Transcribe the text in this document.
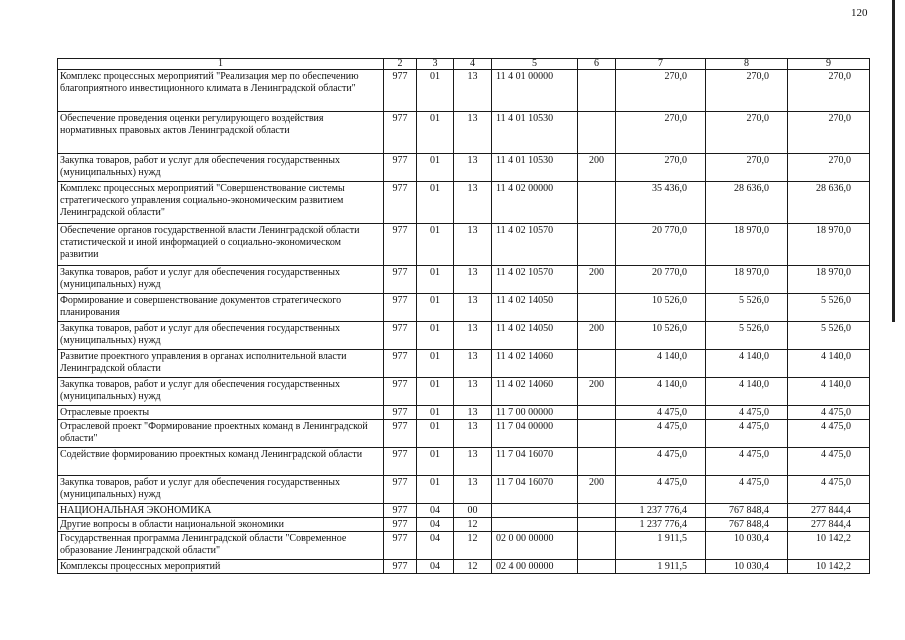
120
1	2	3	4	5	6	7	8	9
Комплекс процессных мероприятий "Реализация мер по обеспечению благоприятного инвестиционного климата в Ленинградской области"	977	01	13	11 4 01 00000		270,0	270,0	270,0
Обеспечение проведения оценки регулирующего воздействия нормативных правовых актов Ленинградской области	977	01	13	11 4 01 10530		270,0	270,0	270,0
Закупка товаров, работ и услуг для обеспечения государственных (муниципальных) нужд	977	01	13	11 4 01 10530	200	270,0	270,0	270,0
Комплекс процессных мероприятий "Совершенствование системы стратегического управления социально-экономическим развитием Ленинградской области"	977	01	13	11 4 02 00000		35 436,0	28 636,0	28 636,0
Обеспечение органов государственной власти Ленинградской области статистической и иной информацией о социально-экономическом развитии	977	01	13	11 4 02 10570		20 770,0	18 970,0	18 970,0
Закупка товаров, работ и услуг для обеспечения государственных (муниципальных) нужд	977	01	13	11 4 02 10570	200	20 770,0	18 970,0	18 970,0
Формирование и совершенствование документов стратегического планирования	977	01	13	11 4 02 14050		10 526,0	5 526,0	5 526,0
Закупка товаров, работ и услуг для обеспечения государственных (муниципальных) нужд	977	01	13	11 4 02 14050	200	10 526,0	5 526,0	5 526,0
Развитие проектного управления в органах исполнительной власти Ленинградской области	977	01	13	11 4 02 14060		4 140,0	4 140,0	4 140,0
Закупка товаров, работ и услуг для обеспечения государственных (муниципальных) нужд	977	01	13	11 4 02 14060	200	4 140,0	4 140,0	4 140,0
Отраслевые проекты	977	01	13	11 7 00 00000		4 475,0	4 475,0	4 475,0
Отраслевой проект "Формирование проектных команд в Ленинградской области"	977	01	13	11 7 04 00000		4 475,0	4 475,0	4 475,0
Содействие формированию проектных команд Ленинградской области	977	01	13	11 7 04 16070		4 475,0	4 475,0	4 475,0
Закупка товаров, работ и услуг для обеспечения государственных (муниципальных) нужд	977	01	13	11 7 04 16070	200	4 475,0	4 475,0	4 475,0
НАЦИОНАЛЬНАЯ ЭКОНОМИКА	977	04	00			1 237 776,4	767 848,4	277 844,4
Другие вопросы в области национальной экономики	977	04	12			1 237 776,4	767 848,4	277 844,4
Государственная программа Ленинградской области "Современное образование Ленинградской области"	977	04	12	02 0 00 00000		1 911,5	10 030,4	10 142,2
Комплексы процессных мероприятий	977	04	12	02 4 00 00000		1 911,5	10 030,4	10 142,2
